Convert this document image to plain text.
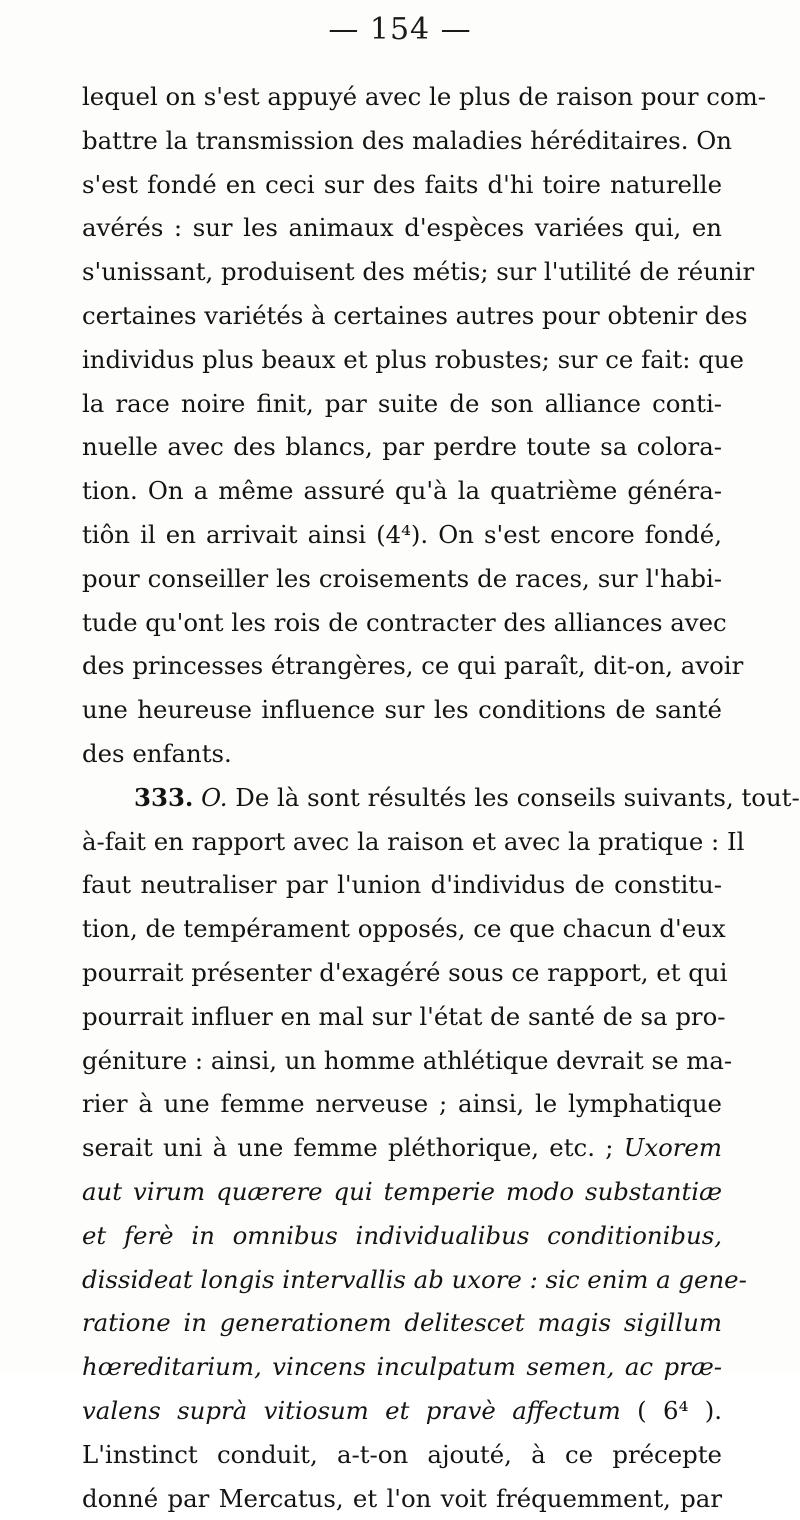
— 154 —
lequel on s'est appuyé avec le plus de raison pour com-
battre la transmission des maladies héréditaires. On
s'est fondé en ceci sur des faits d'hi toire naturelle
avérés : sur les animaux d'espèces variées qui, en
s'unissant, produisent des métis; sur l'utilité de réunir
certaines variétés à certaines autres pour obtenir des
individus plus beaux et plus robustes; sur ce fait: que
la race noire finit, par suite de son alliance conti-
nuelle avec des blancs, par perdre toute sa colora-
tion. On a même assuré qu'à la quatrième généra-
tiôn il en arrivait ainsi (4⁴). On s'est encore fondé,
pour conseiller les croisements de races, sur l'habi-
tude qu'ont les rois de contracter des alliances avec
des princesses étrangères, ce qui paraît, dit-on, avoir
une heureuse influence sur les conditions de santé
des enfants.
333. O. De là sont résultés les conseils suivants, tout-
à-fait en rapport avec la raison et avec la pratique : Il
faut neutraliser par l'union d'individus de constitu-
tion, de tempérament opposés, ce que chacun d'eux
pourrait présenter d'exagéré sous ce rapport, et qui
pourrait influer en mal sur l'état de santé de sa pro-
géniture : ainsi, un homme athlétique devrait se ma-
rier à une femme nerveuse ; ainsi, le lymphatique
serait uni à une femme pléthorique, etc. ; Uxorem
aut virum quærere qui temperie modo substantiæ
et ferè in omnibus individualibus conditionibus,
dissideat longis intervallis ab uxore : sic enim a gene-
ratione in generationem delitescet magis sigillum
hœreditarium, vincens inculpatum semen, ac præ-
valens suprà vitiosum et pravè affectum ( 6⁴ ).
L'instinct conduit, a-t-on ajouté, à ce précepte
donné par Mercatus, et l'on voit fréquemment, par
